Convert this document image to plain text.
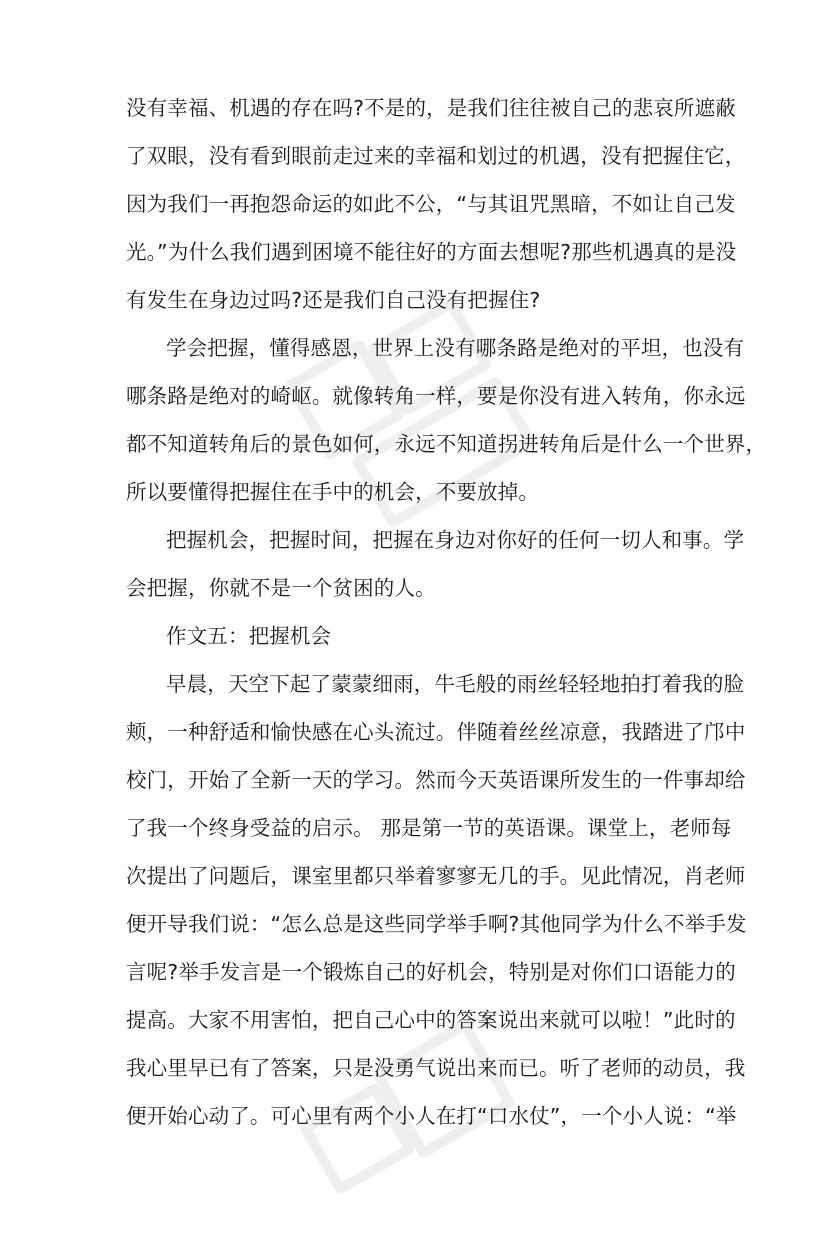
没有幸福、机遇的存在吗?不是的，是我们往往被自己的悲哀所遮蔽
了双眼，没有看到眼前走过来的幸福和划过的机遇，没有把握住它，
因为我们一再抱怨命运的如此不公，“与其诅咒黑暗，不如让自己发
光。”为什么我们遇到困境不能往好的方面去想呢?那些机遇真的是没
有发生在身边过吗?还是我们自己没有把握住?
学会把握，懂得感恩，世界上没有哪条路是绝对的平坦，也没有
哪条路是绝对的崎岖。就像转角一样，要是你没有进入转角，你永远
都不知道转角后的景色如何，永远不知道拐进转角后是什么一个世界，
所以要懂得把握住在手中的机会，不要放掉。
把握机会，把握时间，把握在身边对你好的任何一切人和事。学
会把握，你就不是一个贫困的人。
作文五：把握机会
早晨，天空下起了蒙蒙细雨，牛毛般的雨丝轻轻地拍打着我的脸
颊，一种舒适和愉快感在心头流过。伴随着丝丝凉意，我踏进了邝中
校门，开始了全新一天的学习。然而今天英语课所发生的一件事却给
了我一个终身受益的启示。 那是第一节的英语课。课堂上，老师每
次提出了问题后，课室里都只举着寥寥无几的手。见此情况，肖老师
便开导我们说：“怎么总是这些同学举手啊?其他同学为什么不举手发
言呢?举手发言是一个锻炼自己的好机会，特别是对你们口语能力的
提高。大家不用害怕，把自己心中的答案说出来就可以啦！”此时的
我心里早已有了答案，只是没勇气说出来而已。听了老师的动员，我
便开始心动了。可心里有两个小人在打“口水仗”，一个小人说：“举
